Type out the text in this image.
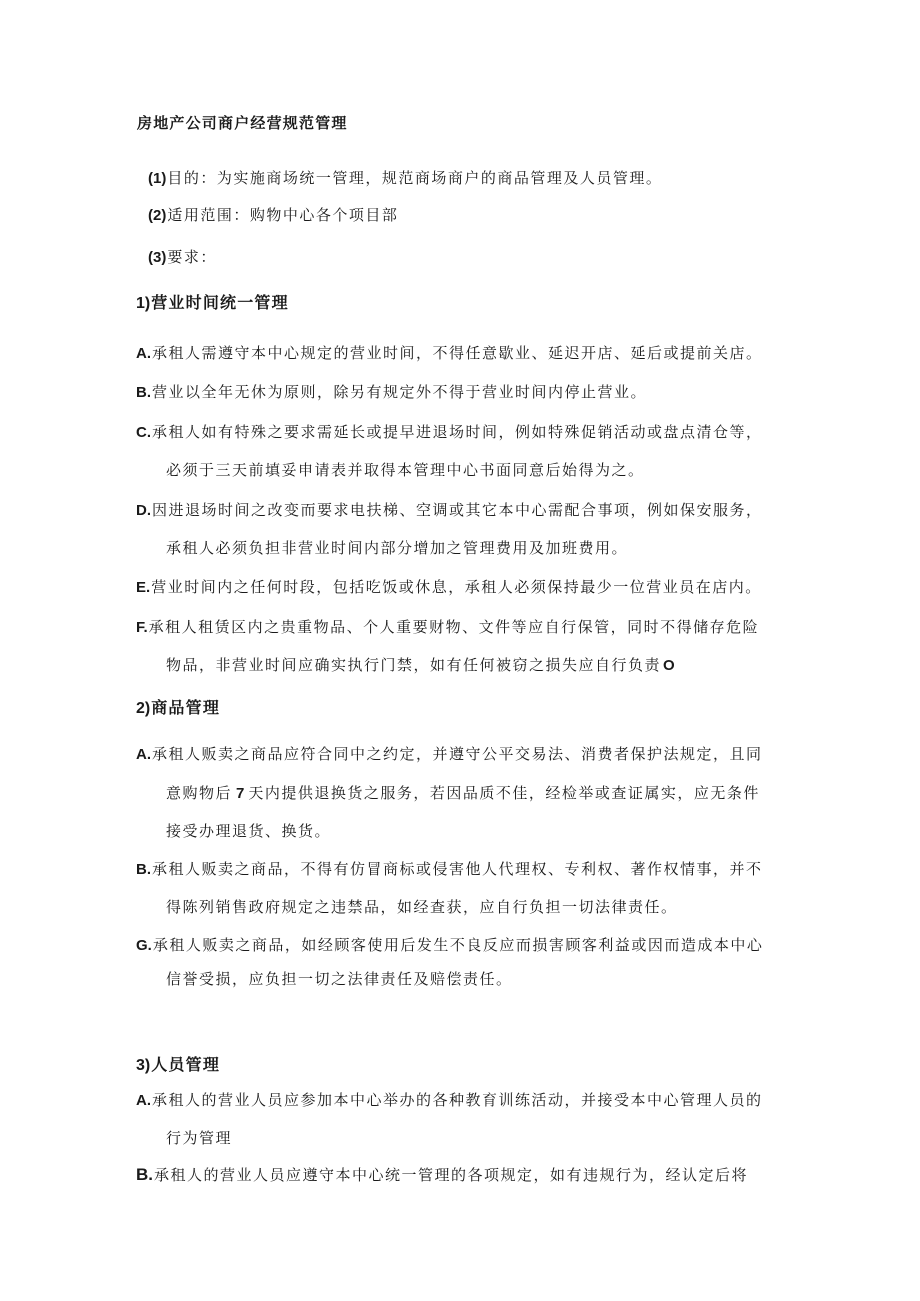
房地产公司商户经营规范管理
(1)目的：为实施商场统一管理，规范商场商户的商品管理及人员管理。
(2)适用范围：购物中心各个项目部
(3)要求：
1)营业时间统一管理
A.承租人需遵守本中心规定的营业时间，不得任意歇业、延迟开店、延后或提前关店。
B.营业以全年无休为原则，除另有规定外不得于营业时间内停止营业。
C.承租人如有特殊之要求需延长或提早进退场时间，例如特殊促销活动或盘点清仓等，
必须于三天前填妥申请表并取得本管理中心书面同意后始得为之。
D.因进退场时间之改变而要求电扶梯、空调或其它本中心需配合事项，例如保安服务，
承租人必须负担非营业时间内部分增加之管理费用及加班费用。
E.营业时间内之任何时段，包括吃饭或休息，承租人必须保持最少一位营业员在店内。
F.承租人租赁区内之贵重物品、个人重要财物、文件等应自行保管，同时不得储存危险
物品，非营业时间应确实执行门禁，如有任何被窃之损失应自行负责 O
2)商品管理
A.承租人贩卖之商品应符合同中之约定，并遵守公平交易法、消费者保护法规定，且同
意购物后 7 天内提供退换货之服务，若因品质不佳，经检举或查证属实，应无条件
接受办理退货、换货。
B.承租人贩卖之商品，不得有仿冒商标或侵害他人代理权、专利权、著作权情事，并不
得陈列销售政府规定之违禁品，如经查获，应自行负担一切法律责任。
G.承租人贩卖之商品，如经顾客使用后发生不良反应而损害顾客利益或因而造成本中心
信誉受损，应负担一切之法律责任及赔偿责任。
3)人员管理
A.承租人的营业人员应参加本中心举办的各种教育训练活动，并接受本中心管理人员的
行为管理
B.承租人的营业人员应遵守本中心统一管理的各项规定，如有违规行为，经认定后将
